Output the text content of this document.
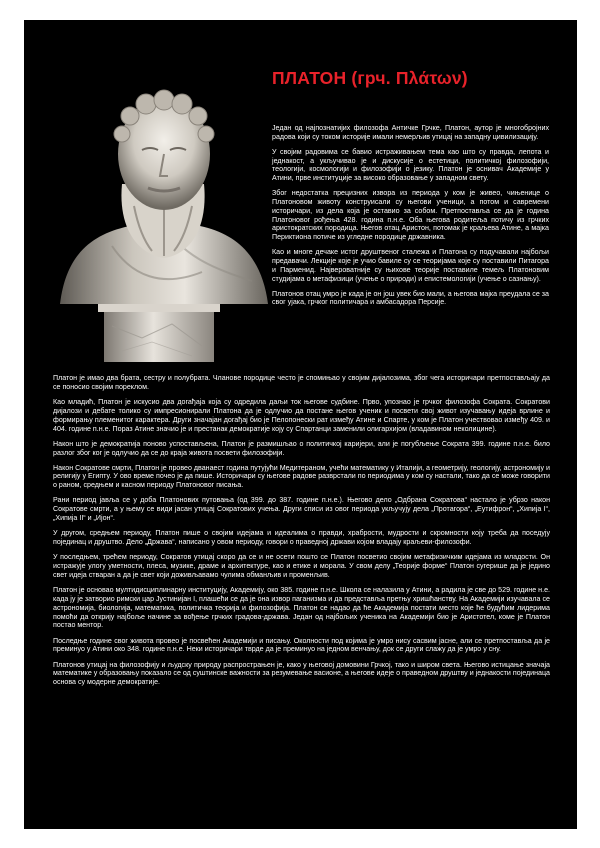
ПЛАТОН (грч. Πλάτων)

Један од најпознатијих филозофа Античке Грчке, Платон, аутор је многобројних радова који су током историје имали немерљив утицај на западну цивилизацију.

У својим радовима се бавио истраживањем тема као што су правда, лепота и једнакост, а укључивао је и дискусије о естетици, политичкој филозофији, теологији, космологији и филозофији о језику. Платон је оснивач Академије у Атини, прве институције за високо образовање у западном свету.

Због недостатка прецизних извора из периода у ком је живео, чињенице о Платоновом животу конструисали су његови ученици, а потом и савремени историчари, из дела која је оставио за собом. Претпоставља се да је година Платоновог рођења 428. година п.н.е. Оба његова родитеља потичу из грчких аристократских породица. Његов отац Аристон, потомак је краљева Атине, а мајка Периктиона потиче из угледне породице државника.

Као и многе дечаке истог друштвеног сталежа и Платона су подучавали најбољи предавачи. Лекције које је учио бавиле су се теоријама које су поставили Питагора и Парменид. Највероватније су њихове теорије поставиле темељ Платоновим студијама о метафизици (учење о природи) и епистемологији (учење о сазнању).

Платонов отац умро је када је он још увек био мали, а његова мајка преудала се за свог ујака, грчког политичара и амбасадора Персије.

Платон је имао два брата, сестру и полубрата. Чланове породице често је спомињао у својим дијалозима, због чега историчари претпостављају да се поносио својим пореклом.

Као младић, Платон је искусио два догађаја која су одредила даљи ток његове судбине. Прво, упознао је грчког филозофа Сократа. Сократови дијалози и дебате толико су импресионирали Платона да је одлучио да постане његов ученик и посвети свој живот изучавању идеја врлине и формирању племенитог карактера. Други значајан догађај био је Пелопонески рат између Атине и Спарте, у ком је Платон учествовао између 409. и 404. године п.н.е. Пораз Атине значио је и престанак демократије коју су Спартанци заменили олигархијом (владавином неколицине).

Након што је демократија поново успостављена, Платон је размишљао о политичкој каријери, али је погубљење Сократа 399. године п.н.е. било разлог због ког је одлучио да се до краја живота посвети филозофији.

Након Сократове смрти, Платон је провео дванаест година путујући Медитераном, учећи математику у Италији, а геометрију, геологију, астрономију и религију у Египту. У ово време почео је да пише. Историчари су његове радове разврстали по периодима у ком су настали, тако да се може говорити о раном, средњем и касном периоду Платоновог писања.

Рани период јавља се у доба Платонових путовања (од 399. до 387. године п.н.е.). Његово дело „Одбрана Сократова“ настало је убрзо након Сократове смрти, а у њему се види јасан утицај Сократових учења. Други списи из овог периода укључују дела „Протагора“, „Еутифрон“, „Хипија I“, „Хипија II“ и „Ијон“.

У другом, средњем периоду, Платон пише о својим идејама и идеалима о правди, храбрости, мудрости и скромности коју треба да поседују појединац и друштво. Дело „Држава“, написано у овом периоду, говори о праведној држави којом владају краљеви-филозофи.

У последњем, трећем периоду, Сократов утицај скоро да се и не осети пошто се Платон посветио својим метафизичким идејама из младости. Он истражује улогу уметности, плеса, музике, драме и архитектуре, као и етике и морала. У свом делу „Теорије форме“ Платон сугерише да је једино свет идеја стваран а да је свет који доживљавамо чулима обманљив и променљив.

Платон је основао мултидисциплинарну институцију, Академију, око 385. године п.н.е. Школа се налазила у Атини, а радила је све до 529. године н.е. када ју је затворио римски цар Јустинијан I, плашећи се да је она извор паганизма и да представља претњу хришћанству. На Академији изучавала се астрономија, биологија, математика, политичка теорија и филозофија. Платон се надао да ће Академија постати место које ће будућим лидерима помоћи да открију најбоље начине за вођење грчких градова-држава. Један од најбољих ученика на Академији био је Аристотел, коме је Платон постао ментор.

Последње године свог живота провео је посвећен Академији и писању. Околности под којима је умро нису сасвим јасне, али се претпоставља да је преминуо у Атини око 348. године п.н.е. Неки историчари тврде да је преминуо на једном венчању, док се други слажу да је умро у сну.

Платонов утицај на филозофију и људску природу распрострањен је, како у његовој домовини Грчкој, тако и широм света. Његово истицање значаја математике у образовању показало се од суштинске важности за резумевање васионе, а његове идеје о праведном друштву и једнакости појединаца основа су модерне демократије.
